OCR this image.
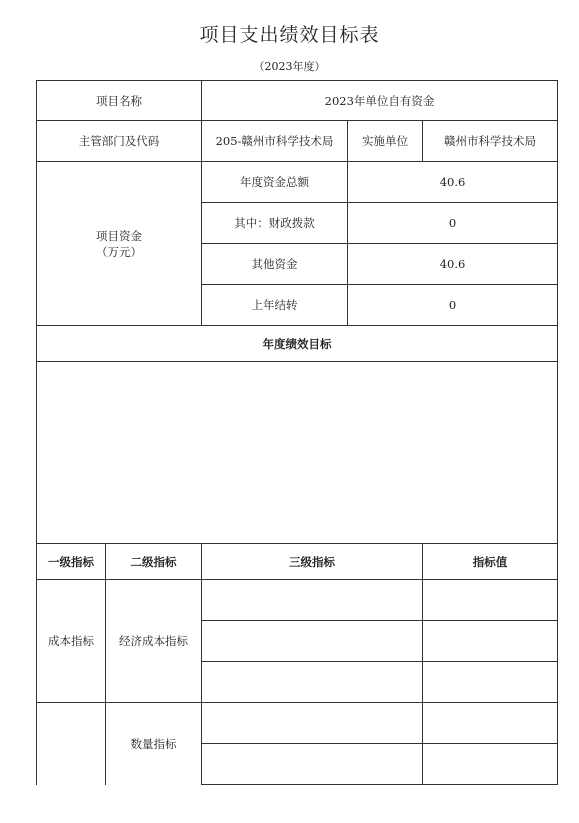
项目支出绩效目标表
（2023年度）
项目名称		2023年单位自有资金		
主管部门及代码		205-赣州市科学技术局	实施单位	赣州市科学技术局

项目资金
（万元）		年度资金总额	40.6	
		其中：财政拨款	0	
		其他资金	40.6	
		上年结转	0	
年度绩效目标				

一级指标	二级指标	三级指标		指标值
成本指标	经济成本指标			

	数量指标			
